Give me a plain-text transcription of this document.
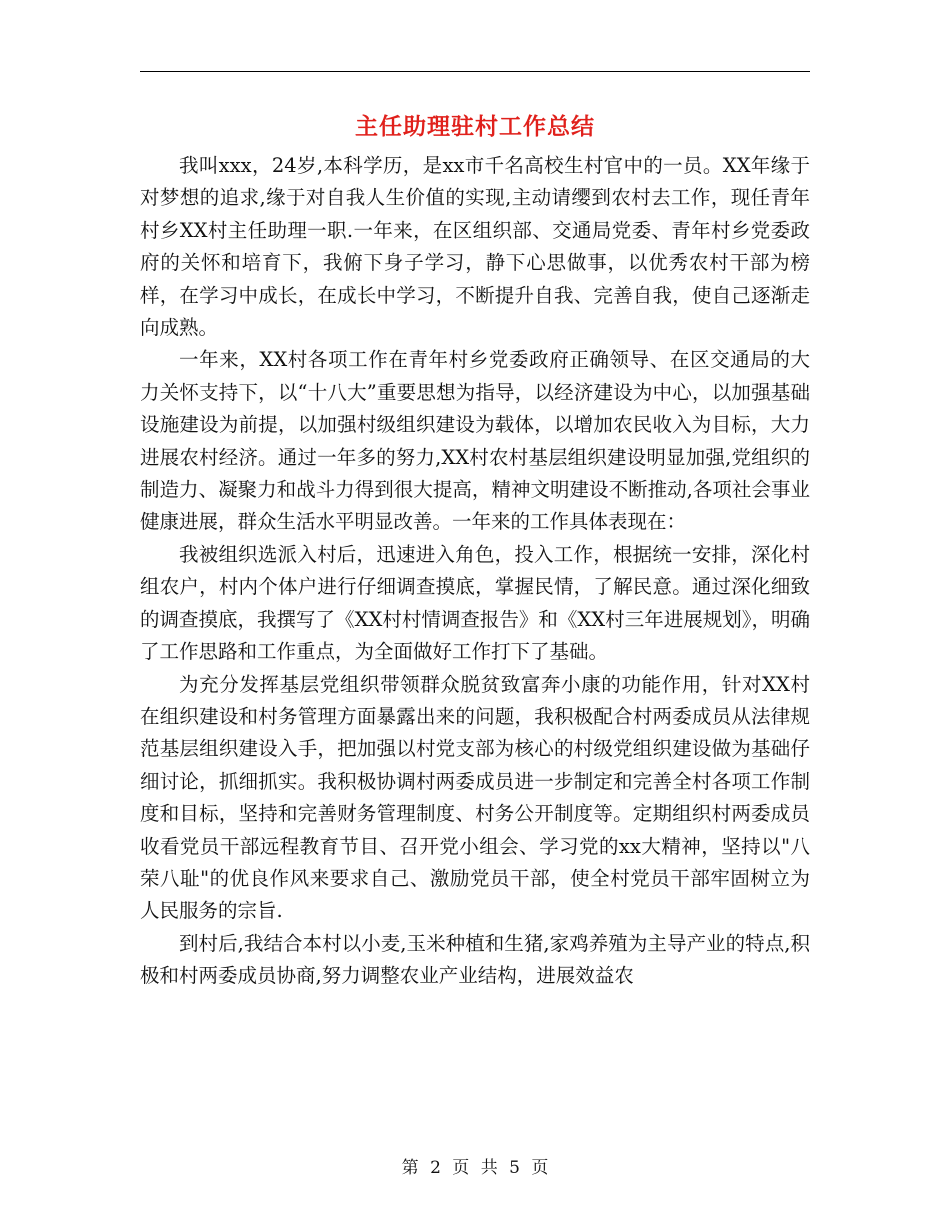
主任助理驻村工作总结

我叫xxx，24岁,本科学历，是xx市千名高校生村官中的一员。XX年缘于对梦想的追求,缘于对自我人生价值的实现,主动请缨到农村去工作，现任青年村乡XX村主任助理一职.一年来，在区组织部、交通局党委、青年村乡党委政府的关怀和培育下，我俯下身子学习，静下心思做事，以优秀农村干部为榜样，在学习中成长，在成长中学习，不断提升自我、完善自我，使自己逐渐走向成熟。

一年来，XX村各项工作在青年村乡党委政府正确领导、在区交通局的大力关怀支持下，以“十八大”重要思想为指导，以经济建设为中心，以加强基础设施建设为前提，以加强村级组织建设为载体，以增加农民收入为目标，大力进展农村经济。通过一年多的努力,XX村农村基层组织建设明显加强,党组织的制造力、凝聚力和战斗力得到很大提高，精神文明建设不断推动,各项社会事业健康进展，群众生活水平明显改善。一年来的工作具体表现在：

我被组织选派入村后，迅速进入角色，投入工作，根据统一安排，深化村组农户，村内个体户进行仔细调查摸底，掌握民情，了解民意。通过深化细致的调查摸底，我撰写了《XX村村情调查报告》和《XX村三年进展规划》，明确了工作思路和工作重点，为全面做好工作打下了基础。

为充分发挥基层党组织带领群众脱贫致富奔小康的功能作用，针对XX村在组织建设和村务管理方面暴露出来的问题，我积极配合村两委成员从法律规范基层组织建设入手，把加强以村党支部为核心的村级党组织建设做为基础仔细讨论，抓细抓实。我积极协调村两委成员进一步制定和完善全村各项工作制度和目标，坚持和完善财务管理制度、村务公开制度等。定期组织村两委成员收看党员干部远程教育节目、召开党小组会、学习党的xx大精神，坚持以"八荣八耻"的优良作风来要求自己、激励党员干部，使全村党员干部牢固树立为人民服务的宗旨.

到村后,我结合本村以小麦,玉米种植和生猪,家鸡养殖为主导产业的特点,积极和村两委成员协商,努力调整农业产业结构，进展效益农

第 2 页 共 5 页
